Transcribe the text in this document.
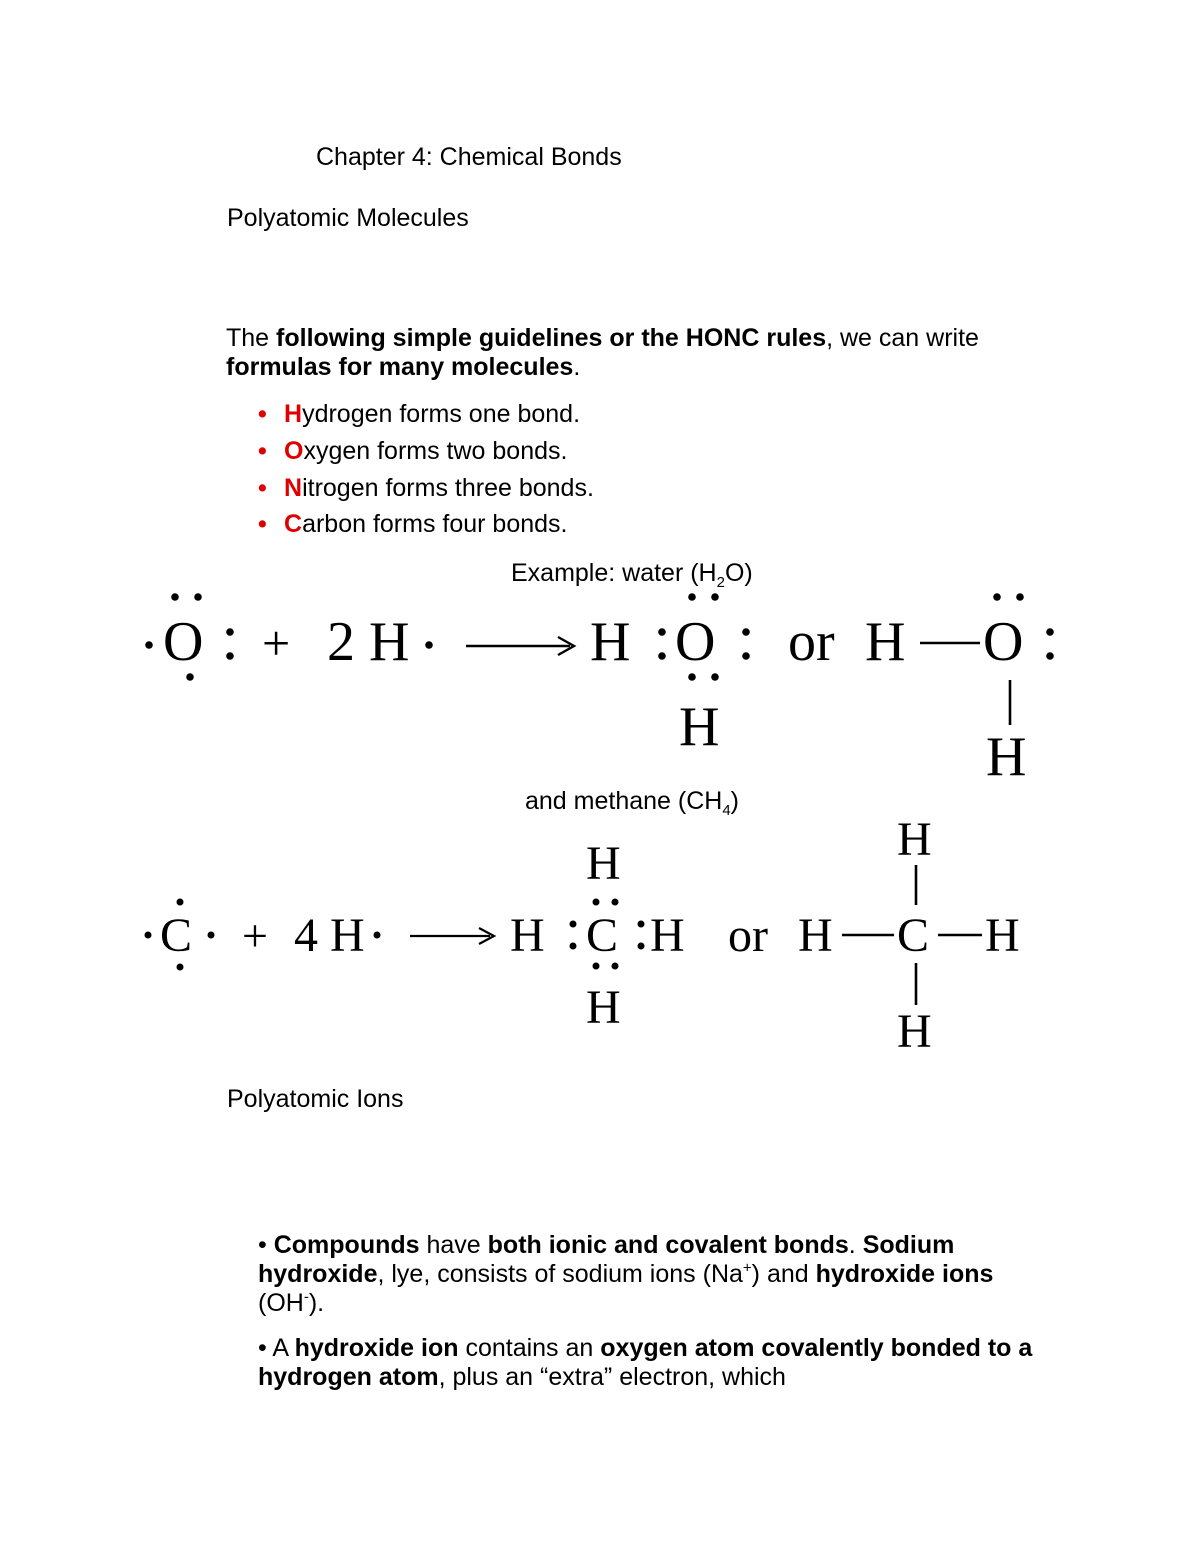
Chapter 4: Chemical Bonds

Polyatomic Molecules

The following simple guidelines or the HONC rules, we can write
formulas for many molecules.
• Hydrogen forms one bond.
• Oxygen forms two bonds.
• Nitrogen forms three bonds.
• Carbon forms four bonds.

Example: water $(H_2O)$

O + 2 H	H O
H
or H O
H

and methane $(CH_4)$

C + 4 H	H C H
H
H
or H C H
H
H

Polyatomic Ions

• Compounds have both ionic and covalent bonds. Sodium hydroxide, lye, consists of sodium ions (Na+) and hydroxide ions (OH-).
• A hydroxide ion contains an oxygen atom covalently bonded to a hydrogen atom, plus an “extra” electron, which
